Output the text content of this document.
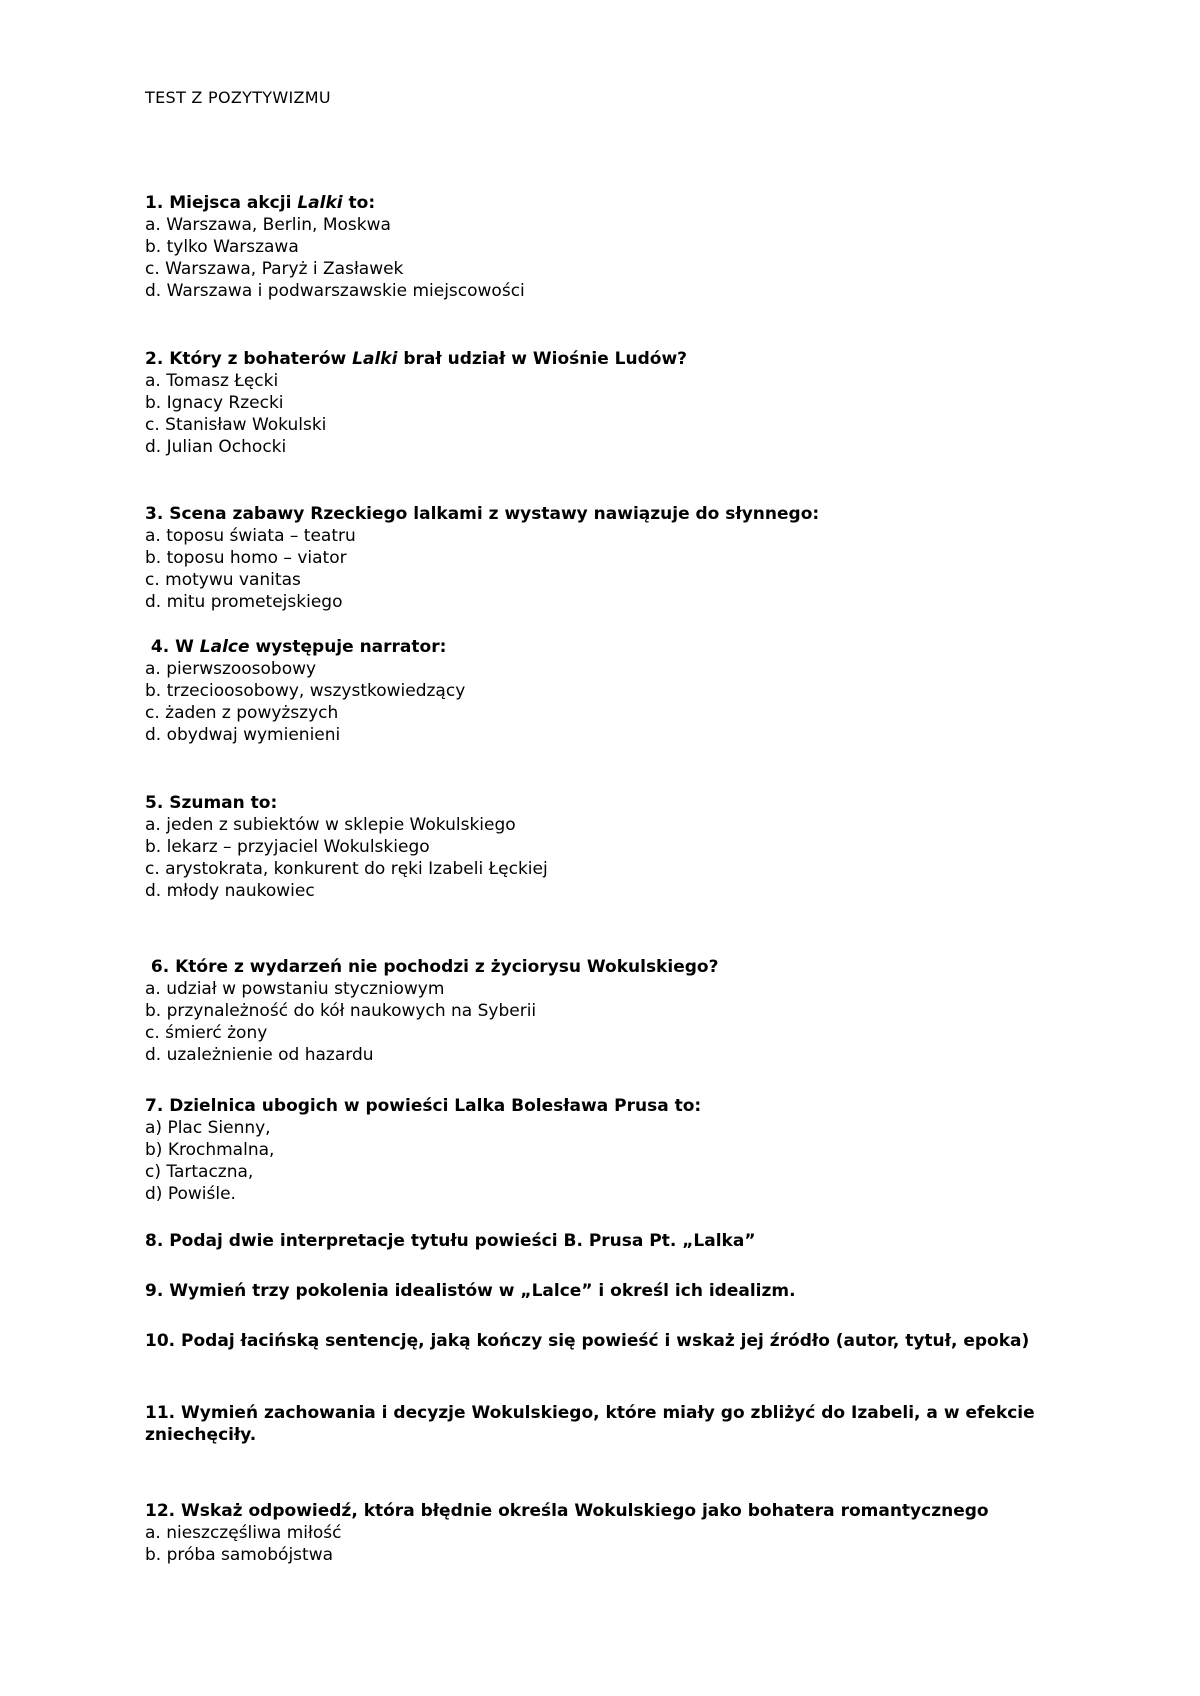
TEST Z POZYTYWIZMU
1. Miejsca akcji Lalki to:
a. Warszawa, Berlin, Moskwa
b. tylko Warszawa
c. Warszawa, Paryż i Zasławek
d. Warszawa i podwarszawskie miejscowości
2. Który z bohaterów Lalki brał udział w Wiośnie Ludów?
a. Tomasz Łęcki
b. Ignacy Rzecki
c. Stanisław Wokulski
d. Julian Ochocki
3. Scena zabawy Rzeckiego lalkami z wystawy nawiązuje do słynnego:
a. toposu świata – teatru
b. toposu homo – viator
c. motywu vanitas
d. mitu prometejskiego
4. W Lalce występuje narrator:
a. pierwszoosobowy
b. trzecioosobowy, wszystkowiedzący
c. żaden z powyższych
d. obydwaj wymienieni
5. Szuman to:
a. jeden z subiektów w sklepie Wokulskiego
b. lekarz – przyjaciel Wokulskiego
c. arystokrata, konkurent do ręki Izabeli Łęckiej
d. młody naukowiec
6. Które z wydarzeń nie pochodzi z życiorysu Wokulskiego?
a. udział w powstaniu styczniowym
b. przynależność do kół naukowych na Syberii
c. śmierć żony
d. uzależnienie od hazardu
7. Dzielnica ubogich w powieści Lalka Bolesława Prusa to:
a) Plac Sienny,
b) Krochmalna,
c) Tartaczna,
d) Powiśle.
8. Podaj dwie interpretacje tytułu powieści B. Prusa Pt. „Lalka”
9. Wymień trzy pokolenia idealistów w „Lalce” i określ ich idealizm.
10. Podaj łacińską sentencję, jaką kończy się powieść i wskaż jej źródło (autor, tytuł, epoka)
11. Wymień zachowania i decyzje Wokulskiego, które miały go zbliżyć do Izabeli, a w efekcie zniechęciły.
12. Wskaż odpowiedź, która błędnie określa Wokulskiego jako bohatera romantycznego
a. nieszczęśliwa miłość
b. próba samobójstwa
